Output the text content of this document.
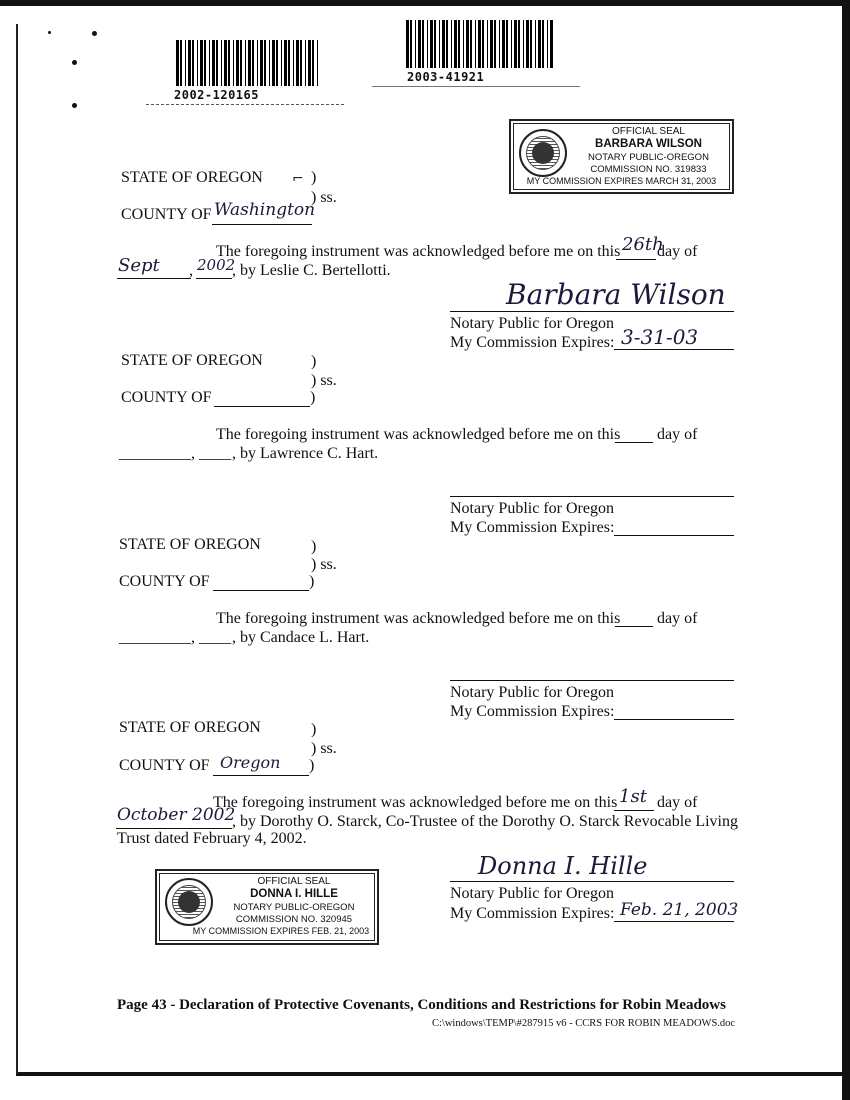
2002-120165
2003-41921
OFFICIAL SEAL
BARBARA WILSON
NOTARY PUBLIC-OREGON
COMMISSION NO. 319833
MY COMMISSION EXPIRES MARCH 31, 2003
STATE OF OREGON	)
⌐
) ss.
COUNTY OF Washington
The foregoing instrument was acknowledged before me on this 26th
day of
Sept , 2002
, by Leslie C. Bertellotti.
Barbara Wilson
Notary Public for Oregon
My Commission Expires: 3-31-03
STATE OF OREGON	)
) ss.
COUNTY OF	)
The foregoing instrument was acknowledged before me on this day of
_________, ____ , by Lawrence C. Hart.
Notary Public for Oregon
My Commission Expires:
STATE OF OREGON	)
) ss.
COUNTY OF	)
The foregoing instrument was acknowledged before me on this day of
_________, ____ , by Candace L. Hart.
Notary Public for Oregon
My Commission Expires:
STATE OF OREGON	)
) ss.
COUNTY OF Oregon )
The foregoing instrument was acknowledged before me on this 1st day of
October 2002
, by Dorothy O. Starck, Co-Trustee of the Dorothy O. Starck Revocable Living
Trust dated February 4, 2002.
OFFICIAL SEAL
DONNA I. HILLE
NOTARY PUBLIC-OREGON
COMMISSION NO. 320945
MY COMMISSION EXPIRES FEB. 21, 2003
Donna I. Hille
Notary Public for Oregon
My Commission Expires: Feb. 21, 2003
Page 43 - Declaration of Protective Covenants, Conditions and Restrictions for Robin Meadows
C:\windows\TEMP\#287915 v6 - CCRS FOR ROBIN MEADOWS.doc
